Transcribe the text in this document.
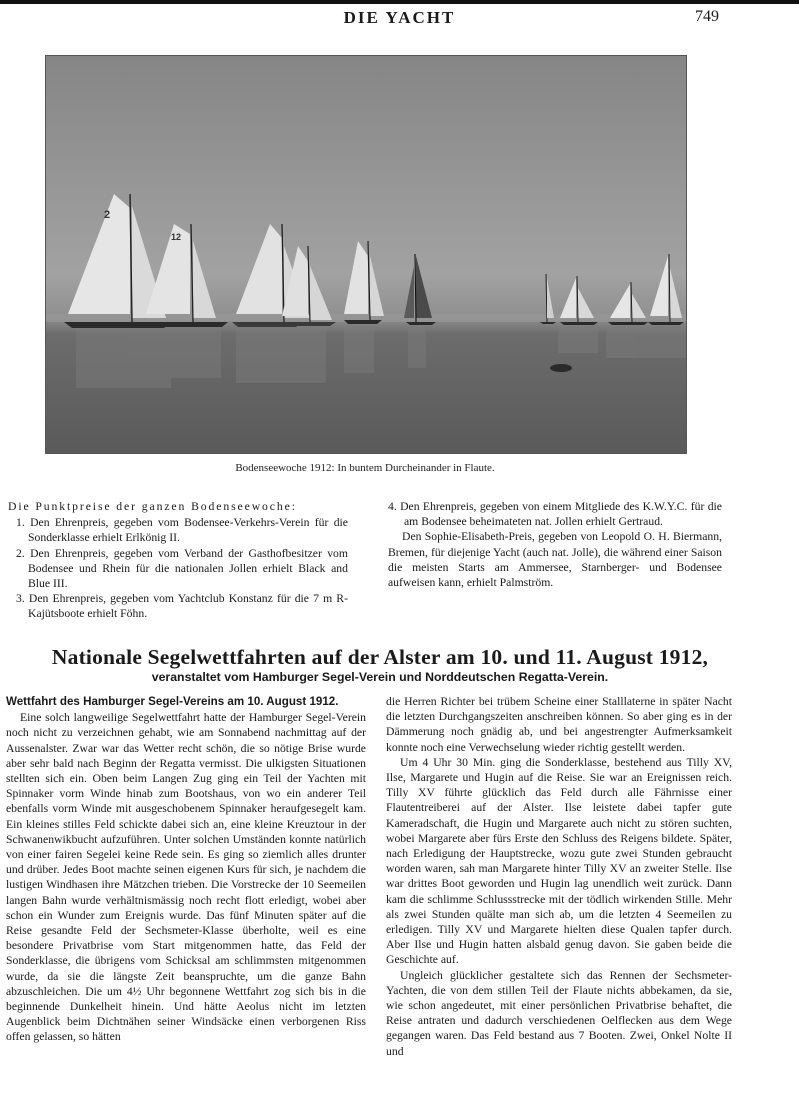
DIE YACHT	749
2
12
Bodenseewoche 1912: In buntem Durcheinander in Flaute.
Die Punktpreise der ganzen Bodenseewoche:
1. Den Ehrenpreis, gegeben vom Bodensee-Verkehrs-Verein für die Sonderklasse erhielt Erlkönig II.
2. Den Ehrenpreis, gegeben vom Verband der Gasthofbesitzer vom Bodensee und Rhein für die nationalen Jollen erhielt Black and Blue III.
3. Den Ehrenpreis, gegeben vom Yachtclub Konstanz für die 7 m R-Kajütsboote erhielt Föhn.
4. Den Ehrenpreis, gegeben von einem Mitgliede des K.W.Y.C. für die am Bodensee beheimateten nat. Jollen erhielt Gertraud.

Den Sophie-Elisabeth-Preis, gegeben von Leopold O. H. Biermann, Bremen, für diejenige Yacht (auch nat. Jolle), die während einer Saison die meisten Starts am Ammersee, Starnberger- und Bodensee aufweisen kann, erhielt Palmström.

Nationale Segelwettfahrten auf der Alster am 10. und 11. August 1912,
veranstaltet vom Hamburger Segel-Verein und Norddeutschen Regatta-Verein.
Wettfahrt des Hamburger Segel-Vereins am 10. August 1912.

Eine solch langweilige Segelwettfahrt hatte der Hamburger Segel-Verein noch nicht zu verzeichnen gehabt, wie am Sonnabend nachmittag auf der Aussenalster. Zwar war das Wetter recht schön, die so nötige Brise wurde aber sehr bald nach Beginn der Regatta vermisst. Die ulkigsten Situationen stellten sich ein. Oben beim Langen Zug ging ein Teil der Yachten mit Spinnaker vorm Winde hinab zum Bootshaus, von wo ein anderer Teil ebenfalls vorm Winde mit ausgeschobenem Spinnaker heraufgesegelt kam. Ein kleines stilles Feld schickte dabei sich an, eine kleine Kreuztour in der Schwanenwikbucht aufzuführen. Unter solchen Umständen konnte natürlich von einer fairen Segelei keine Rede sein. Es ging so ziemlich alles drunter und drüber. Jedes Boot machte seinen eigenen Kurs für sich, je nachdem die lustigen Windhasen ihre Mätzchen trieben. Die Vorstrecke der 10 Seemeilen langen Bahn wurde verhältnismässig noch recht flott erledigt, wobei aber schon ein Wunder zum Ereignis wurde. Das fünf Minuten später auf die Reise gesandte Feld der Sechsmeter-Klasse überholte, weil es eine besondere Privatbrise vom Start mitgenommen hatte, das Feld der Sonderklasse, die übrigens vom Schicksal am schlimmsten mitgenommen wurde, da sie die längste Zeit beanspruchte, um die ganze Bahn abzuschleichen. Die um 4½ Uhr begonnene Wettfahrt zog sich bis in die beginnende Dunkelheit hinein. Und hätte Aeolus nicht im letzten Augenblick beim Dichtnähen seiner Windsäcke einen verborgenen Riss offen gelassen, so hätten

die Herren Richter bei trübem Scheine einer Stalllaterne in später Nacht die letzten Durchgangszeiten anschreiben können. So aber ging es in der Dämmerung noch gnädig ab, und bei angestrengter Aufmerksamkeit konnte noch eine Verwechselung wieder richtig gestellt werden.

Um 4 Uhr 30 Min. ging die Sonderklasse, bestehend aus Tilly XV, Ilse, Margarete und Hugin auf die Reise. Sie war an Ereignissen reich. Tilly XV führte glücklich das Feld durch alle Fährnisse einer Flautentreiberei auf der Alster. Ilse leistete dabei tapfer gute Kameradschaft, die Hugin und Margarete auch nicht zu stören suchten, wobei Margarete aber fürs Erste den Schluss des Reigens bildete. Später, nach Erledigung der Hauptstrecke, wozu gute zwei Stunden gebraucht worden waren, sah man Margarete hinter Tilly XV an zweiter Stelle. Ilse war drittes Boot geworden und Hugin lag unendlich weit zurück. Dann kam die schlimme Schlussstrecke mit der tödlich wirkenden Stille. Mehr als zwei Stunden quälte man sich ab, um die letzten 4 Seemeilen zu erledigen. Tilly XV und Margarete hielten diese Qualen tapfer durch. Aber Ilse und Hugin hatten alsbald genug davon. Sie gaben beide die Geschichte auf.

Ungleich glücklicher gestaltete sich das Rennen der Sechsmeter-Yachten, die von dem stillen Teil der Flaute nichts abbekamen, da sie, wie schon angedeutet, mit einer persönlichen Privatbrise behaftet, die Reise antraten und dadurch verschiedenen Oelflecken aus dem Wege gegangen waren. Das Feld bestand aus 7 Booten. Zwei, Onkel Nolte II und
